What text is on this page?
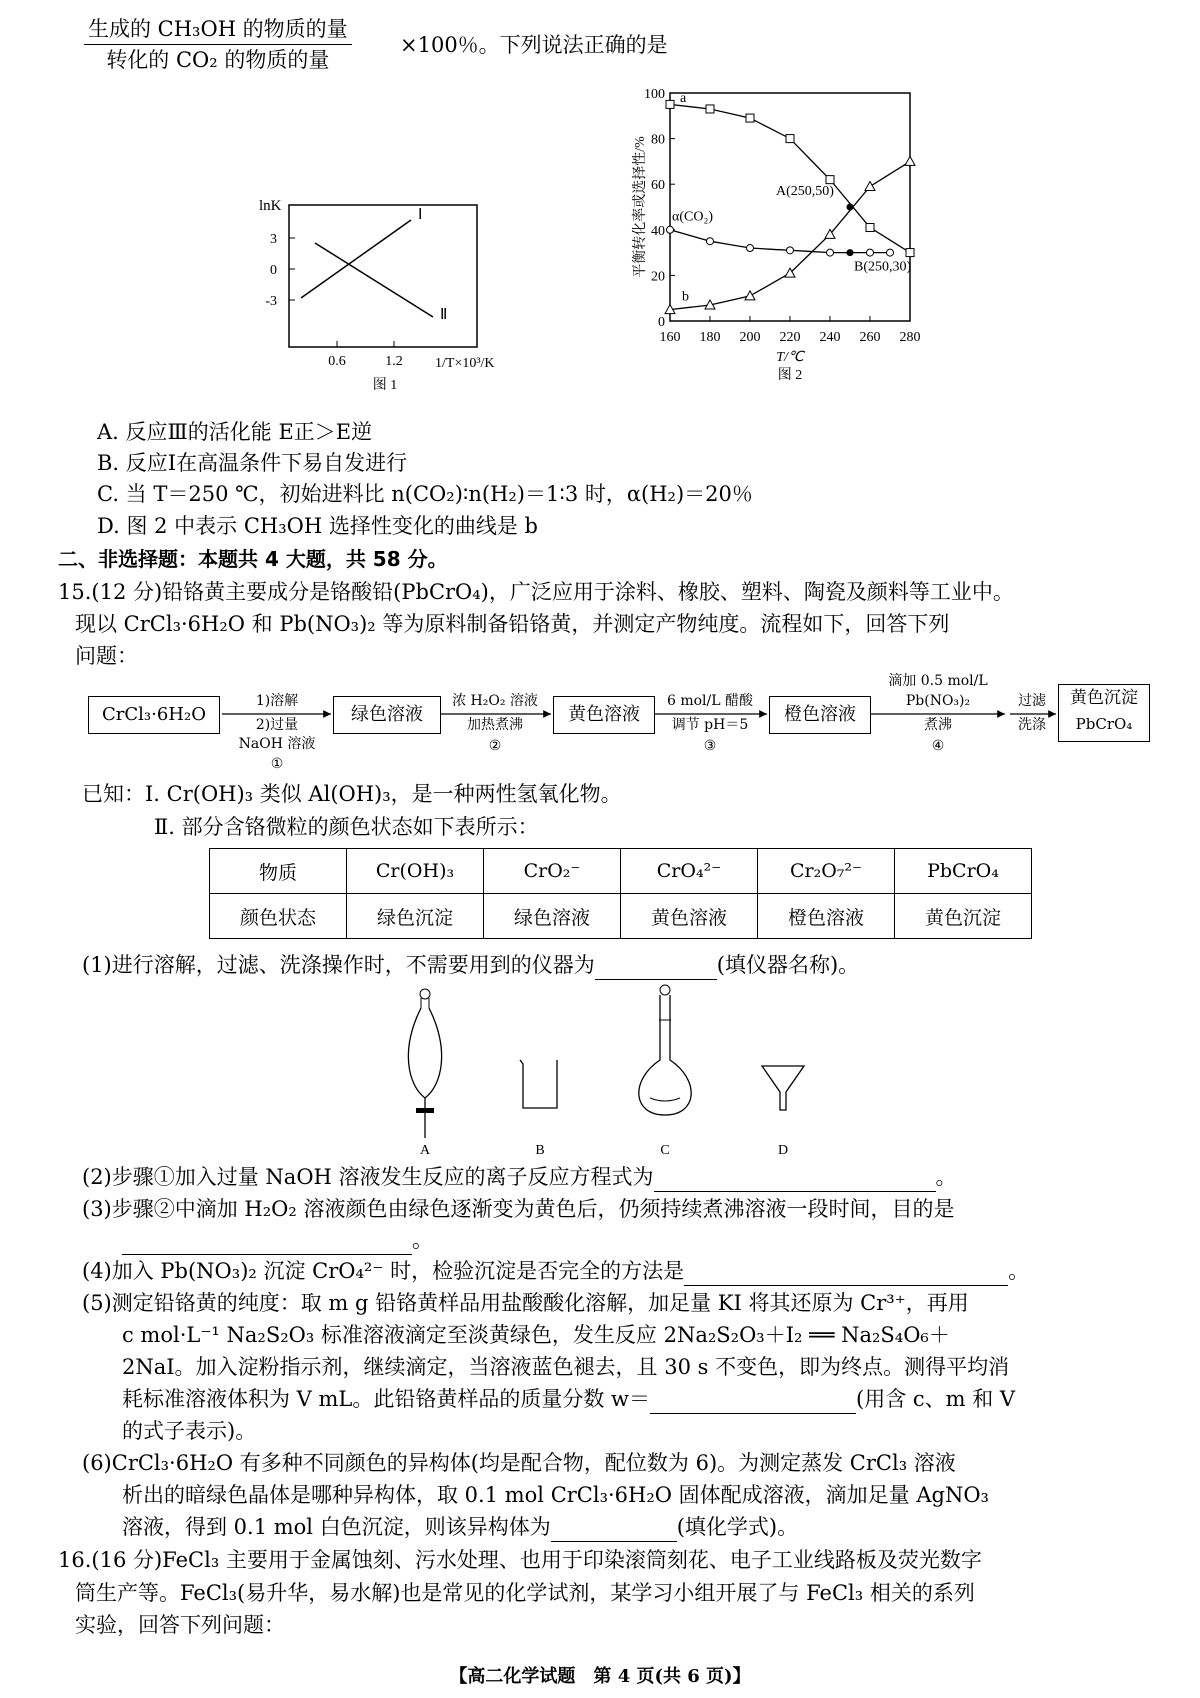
生成的 CH₃OH 的物质的量
转化的 CO₂ 的物质的量
×100％。下列说法正确的是
lnK
3
0
-3
Ⅰ
Ⅱ
0.6	1.2 1/T×10³/K
图 1
0
20
40
60
80
100
160 180 200 220 240 260 280
T/℃
图 2
平衡转化率或选择性/%
a
α(CO₂)
b
A(250,50)
B(250,30)
A. 反应Ⅲ的活化能 E正＞E逆
B. 反应Ⅰ在高温条件下易自发进行
C. 当 T＝250 ℃，初始进料比 n(CO₂)∶n(H₂)＝1∶3 时，α(H₂)＝20％
D. 图 2 中表示 CH₃OH 选择性变化的曲线是 b
二、非选择题：本题共 4 大题，共 58 分。
15.(12 分)铅铬黄主要成分是铬酸铅(PbCrO₄)，广泛应用于涂料、橡胶、塑料、陶瓷及颜料等工业中。
现以 CrCl₃·6H₂O 和 Pb(NO₃)₂ 等为原料制备铅铬黄，并测定产物纯度。流程如下，回答下列
问题：
CrCl₃·6H₂O
1)溶解
2)过量
NaOH 溶液
①
绿色溶液
浓 H₂O₂ 溶液
加热煮沸
②
黄色溶液
6 mol/L 醋酸
调节 pH＝5
③
橙色溶液
滴加 0.5 mol/L
Pb(NO₃)₂
煮沸
④
过滤
洗涤
黄色沉淀
PbCrO₄
已知：Ⅰ. Cr(OH)₃ 类似 Al(OH)₃，是一种两性氢氧化物。
Ⅱ. 部分含铬微粒的颜色状态如下表所示：
物质	Cr(OH)₃	CrO₂⁻	CrO₄²⁻	Cr₂O₇²⁻	PbCrO₄
颜色状态	绿色沉淀	绿色溶液	黄色溶液	橙色溶液	黄色沉淀
(1)进行溶解，过滤、洗涤操作时，不需要用到的仪器为	(填仪器名称)。
A	B	C	D
(2)步骤①加入过量 NaOH 溶液发生反应的离子反应方程式为	。
(3)步骤②中滴加 H₂O₂ 溶液颜色由绿色逐渐变为黄色后，仍须持续煮沸溶液一段时间，目的是
。
(4)加入 Pb(NO₃)₂ 沉淀 CrO₄²⁻ 时，检验沉淀是否完全的方法是	。
(5)测定铅铬黄的纯度：取 m g 铅铬黄样品用盐酸酸化溶解，加足量 KI 将其还原为 Cr³⁺，再用
c mol·L⁻¹ Na₂S₂O₃ 标准溶液滴定至淡黄绿色，发生反应 2Na₂S₂O₃＋I₂ ══ Na₂S₄O₆＋
2NaI。加入淀粉指示剂，继续滴定，当溶液蓝色褪去，且 30 s 不变色，即为终点。测得平均消
耗标准溶液体积为 V mL。此铅铬黄样品的质量分数 w＝	(用含 c、m 和 V
的式子表示)。
(6)CrCl₃·6H₂O 有多种不同颜色的异构体(均是配合物，配位数为 6)。为测定蒸发 CrCl₃ 溶液
析出的暗绿色晶体是哪种异构体，取 0.1 mol CrCl₃·6H₂O 固体配成溶液，滴加足量 AgNO₃
溶液，得到 0.1 mol 白色沉淀，则该异构体为	(填化学式)。
16.(16 分)FeCl₃ 主要用于金属蚀刻、污水处理、也用于印染滚筒刻花、电子工业线路板及荧光数字
筒生产等。FeCl₃(易升华，易水解)也是常见的化学试剂，某学习小组开展了与 FeCl₃ 相关的系列
实验，回答下列问题：
【高二化学试题　第 4 页(共 6 页)】
